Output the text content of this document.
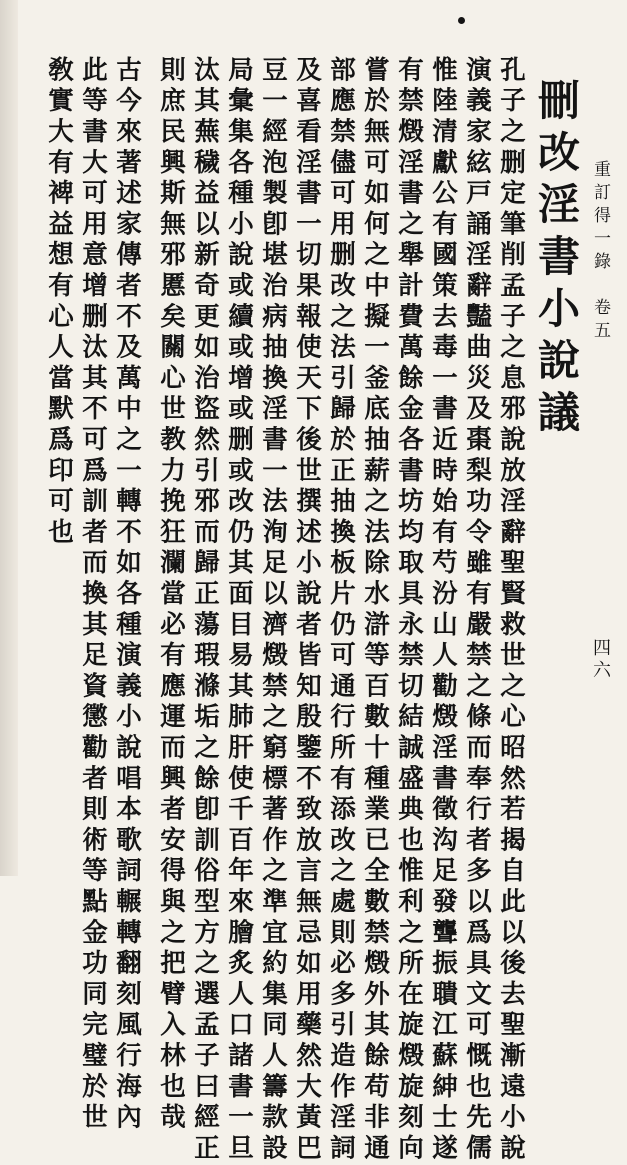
重訂得一錄　卷五
四六
刪改淫書小說議
孔子之删定筆削孟子之息邪說放淫辭聖賢救世之心昭然若揭自此以後去聖漸遠小說
演義家絃戸誦淫辭豔曲災及棗梨功令雖有嚴禁之條而奉行者多以爲具文可慨也先儒
惟陸清獻公有國策去毒一書近時始有芍汾山人勸燬淫書徵沟足發聾振聵江蘇紳士遂
有禁燬淫書之舉計費萬餘金各書坊均取具永禁切結誠盛典也惟利之所在旋燬旋刻向
嘗於無可如何之中擬一釜底抽薪之法除水滸等百數十種業已全數禁燬外其餘苟非通
部應禁儘可用删改之法引歸於正抽換板片仍可通行所有添改之處則必多引造作淫詞
及喜看淫書一切果報使天下後世撰述小說者皆知殷鑒不致放言無忌如用藥然大黃巴
豆一經泡製卽堪治病抽換淫書一法洵足以濟燬禁之窮標著作之準宜約集同人籌款設
局彙集各種小說或續或增或删或改仍其面目易其肺肝使千百年來膾炙人口諸書一旦
汰其蕪穢益以新奇更如治盜然引邪而歸正蕩瑕滌垢之餘卽訓俗型方之選孟子曰經正
則庶民興斯無邪慝矣關心世教力挽狂瀾當必有應運而興者安得與之把臂入林也哉
古今來著述家傳者不及萬中之一轉不如各種演義小說唱本歌詞輾轉翻刻風行海內
此等書大可用意增删汰其不可爲訓者而換其足資懲勸者則術等點金功同完璧於世
敎實大有裨益想有心人當默爲印可也
